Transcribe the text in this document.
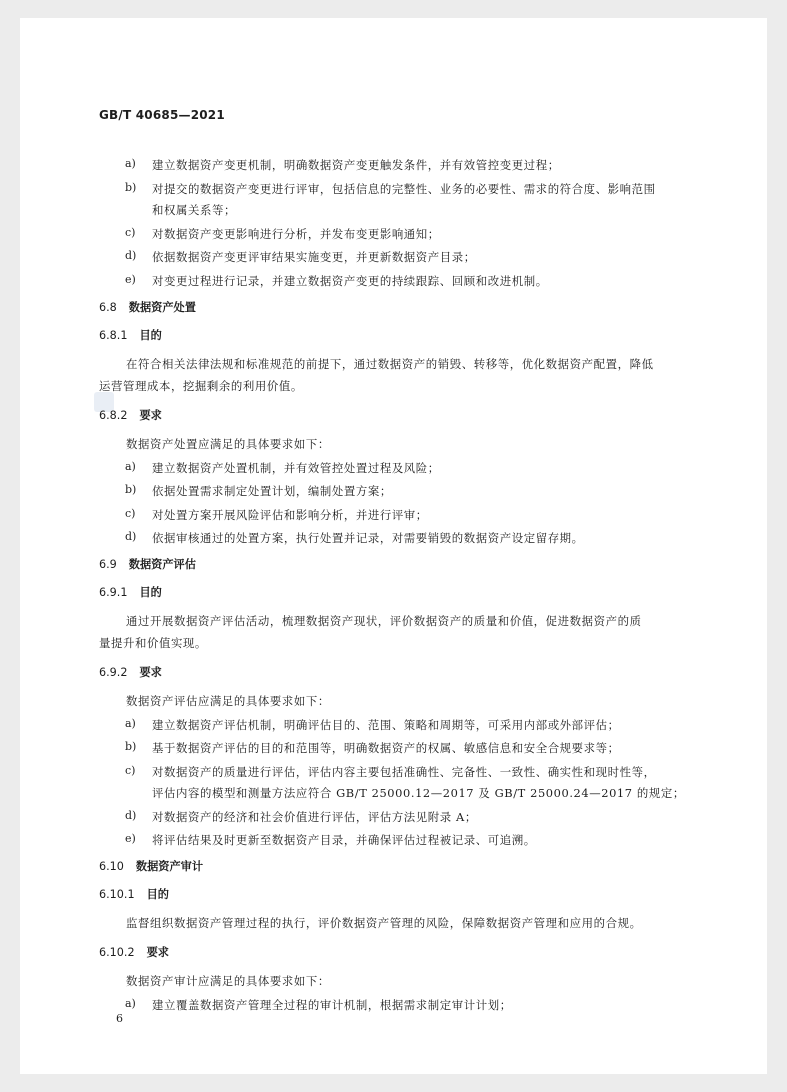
GB/T 40685—2021
a) 建立数据资产变更机制，明确数据资产变更触发条件，并有效管控变更过程；
b) 对提交的数据资产变更进行评审，包括信息的完整性、业务的必要性、需求的符合度、影响范围
和权属关系等；
c) 对数据资产变更影响进行分析，并发布变更影响通知；
d) 依据数据资产变更评审结果实施变更，并更新数据资产目录；
e) 对变更过程进行记录，并建立数据资产变更的持续跟踪、回顾和改进机制。
6.8 数据资产处置
6.8.1 目的
在符合相关法律法规和标准规范的前提下，通过数据资产的销毁、转移等，优化数据资产配置，降低
运营管理成本，挖掘剩余的利用价值。
6.8.2 要求
数据资产处置应满足的具体要求如下：
a) 建立数据资产处置机制，并有效管控处置过程及风险；
b) 依据处置需求制定处置计划，编制处置方案；
c) 对处置方案开展风险评估和影响分析，并进行评审；
d) 依据审核通过的处置方案，执行处置并记录，对需要销毁的数据资产设定留存期。
6.9 数据资产评估
6.9.1 目的
通过开展数据资产评估活动，梳理数据资产现状，评价数据资产的质量和价值，促进数据资产的质
量提升和价值实现。
6.9.2 要求
数据资产评估应满足的具体要求如下：
a) 建立数据资产评估机制，明确评估目的、范围、策略和周期等，可采用内部或外部评估；
b) 基于数据资产评估的目的和范围等，明确数据资产的权属、敏感信息和安全合规要求等；
c) 对数据资产的质量进行评估，评估内容主要包括准确性、完备性、一致性、确实性和现时性等，
评估内容的模型和测量方法应符合 GB/T 25000.12—2017 及 GB/T 25000.24—2017 的规定；
d) 对数据资产的经济和社会价值进行评估，评估方法见附录 A；
e) 将评估结果及时更新至数据资产目录，并确保评估过程被记录、可追溯。
6.10 数据资产审计
6.10.1 目的
监督组织数据资产管理过程的执行，评价数据资产管理的风险，保障数据资产管理和应用的合规。
6.10.2 要求
数据资产审计应满足的具体要求如下：
a) 建立覆盖数据资产管理全过程的审计机制，根据需求制定审计计划；
6
